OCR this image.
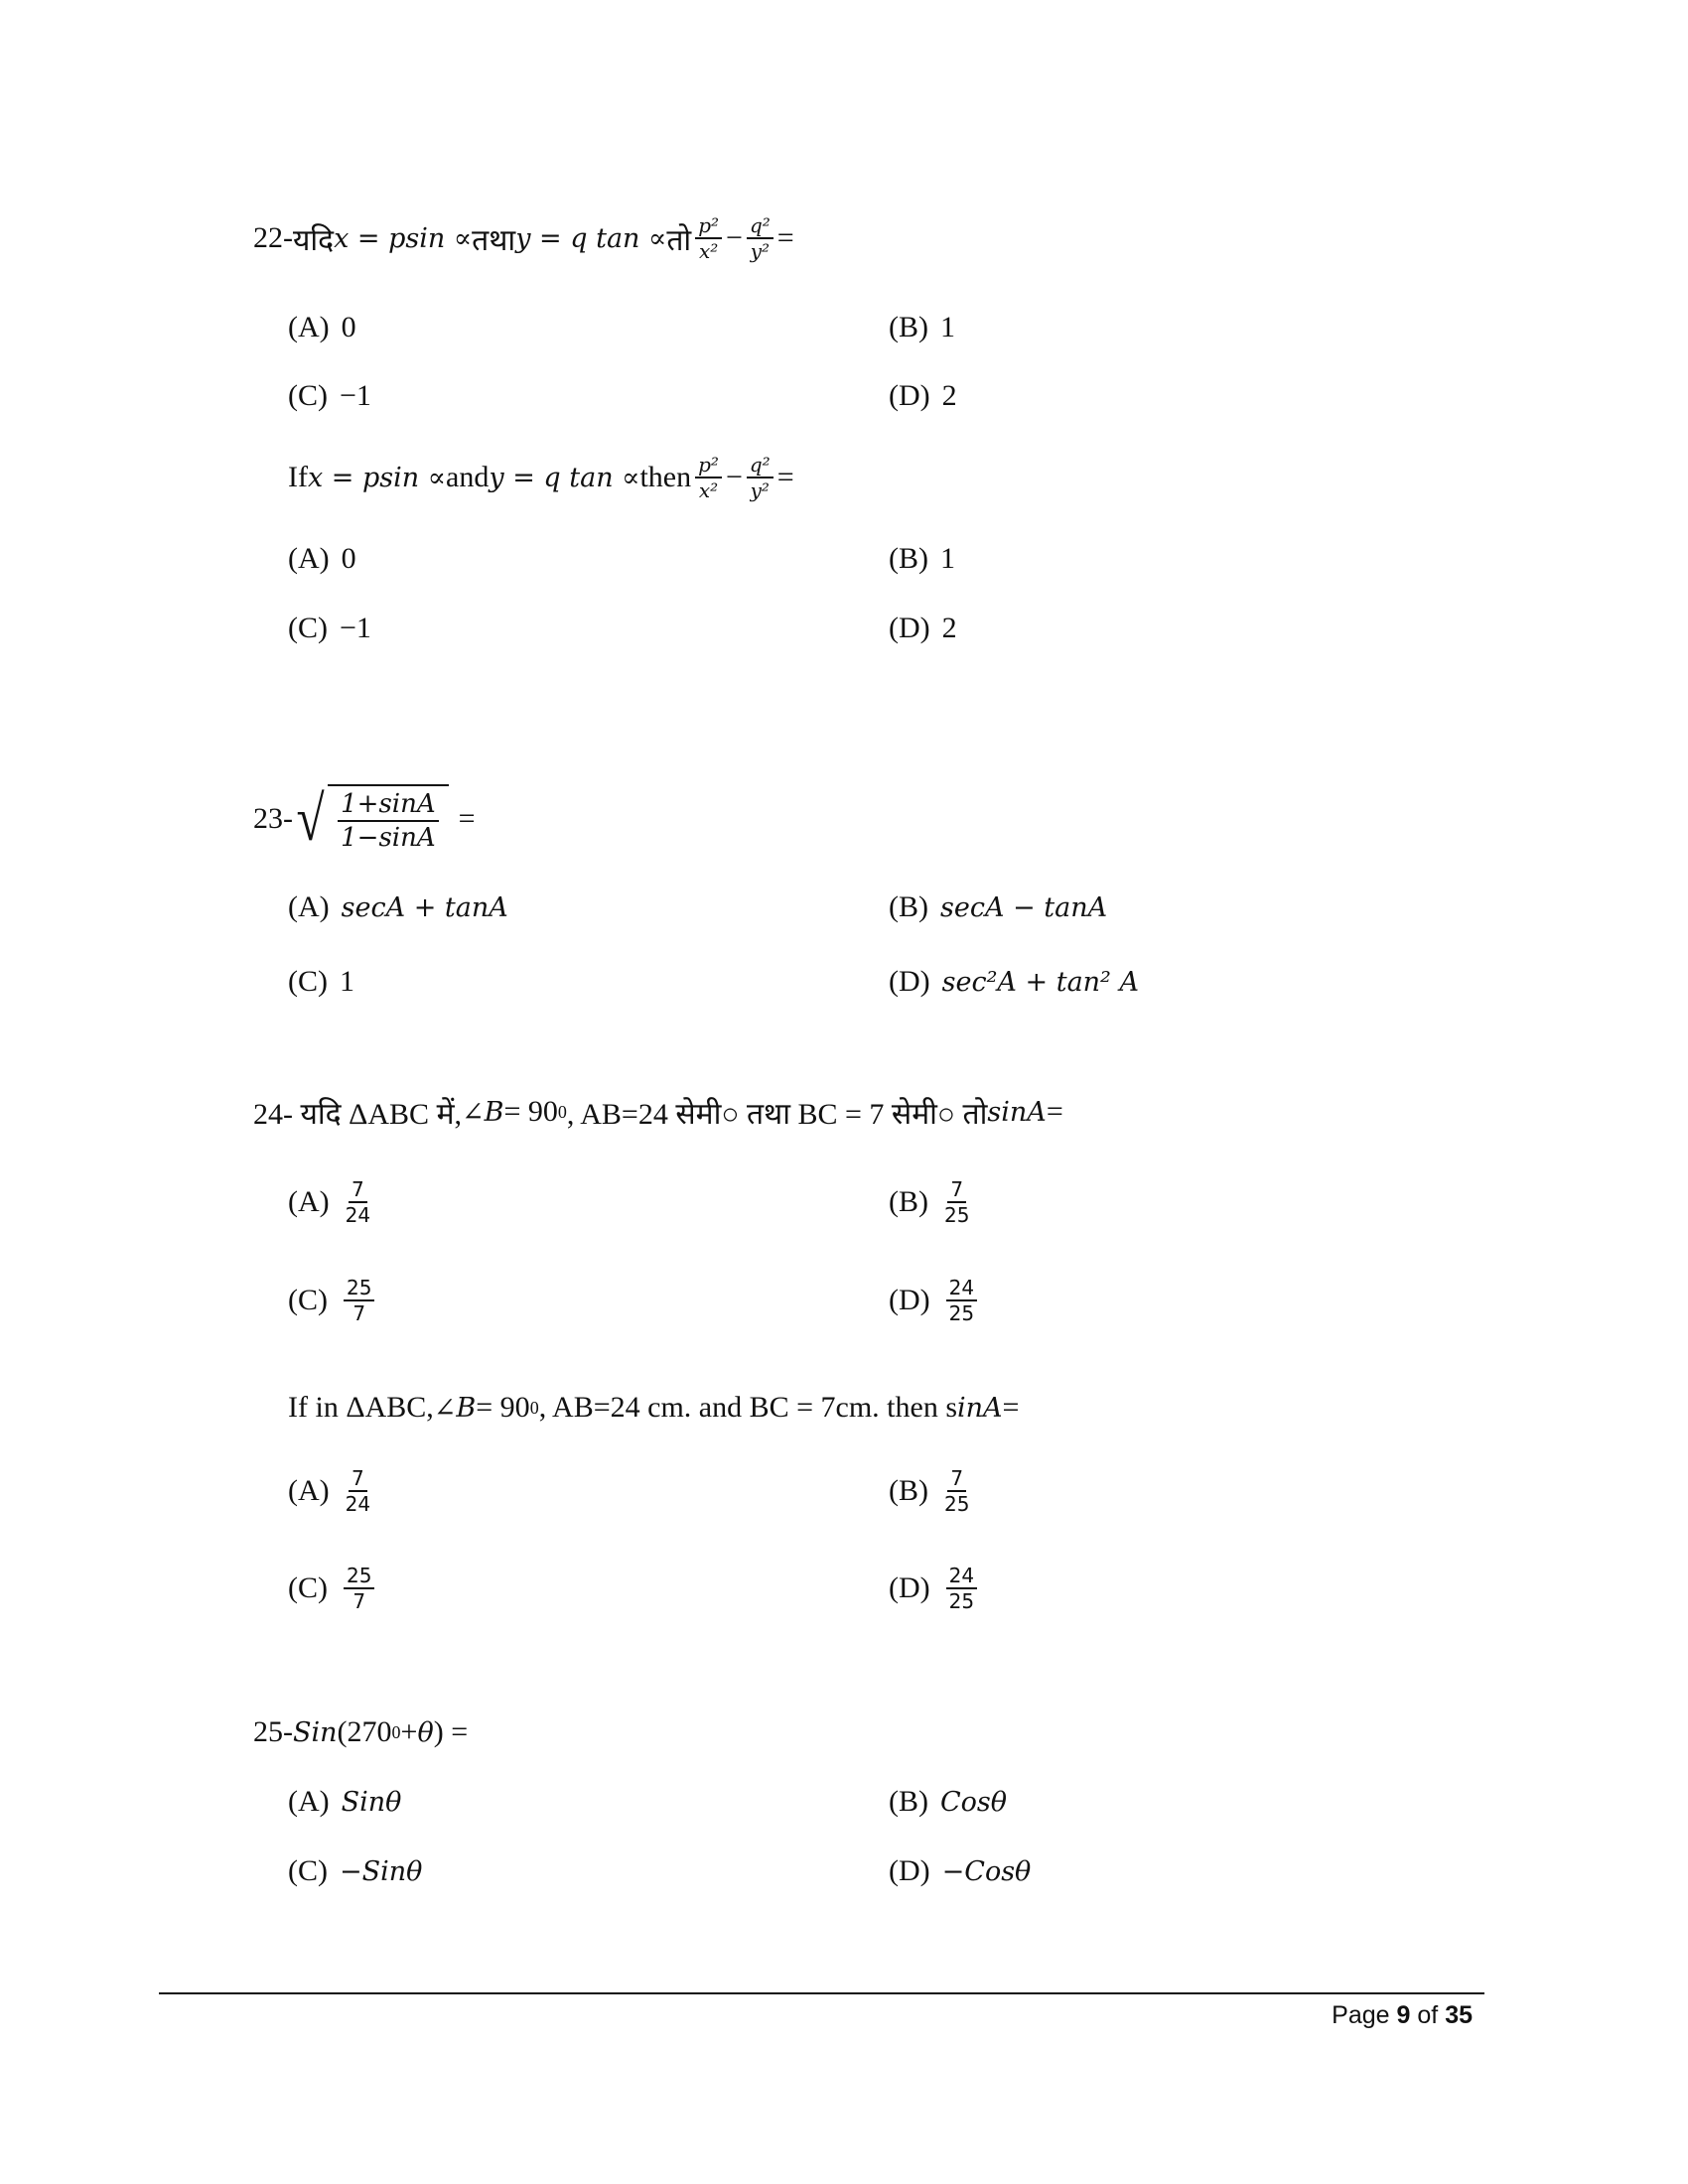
22- यदि x = psin ∝ तथा y = q tan ∝ तो $\frac{\text{p²}}{\text{x²}} - \frac{\text{q²}}{\text{y²}}$ =
(A) 0	(B) 1
(C) −1	(D) 2
If x = psin ∝ and y = q tan ∝ then $\frac{\text{p²}}{\text{x²}} - \frac{\text{q²}}{\text{y²}}$ =
(A) 0	(B) 1
(C) −1	(D) 2
23- √ $\frac{1+\sin A}{1-\sin A}$ =
(A) secA + tanA	(B) secA − tanA
(C) 1	(D) sec²A + tan² A
24- यदि ΔABC में, ∠B = 90 0 , AB=24 सेमी○ तथा BC = 7 सेमी○ तो sinA =
$(A) \frac{7}{24}$	$(B) \frac{7}{25}$
$(C) \frac{25}{7}$	$(D) \frac{24}{25}$
If in ΔABC, ∠B = 90 0 , AB=24 cm. and BC = 7cm. then s inA =
$(A) \frac{7}{24}$	$(B) \frac{7}{25}$
$(C) \frac{25}{7}$	$(D) \frac{24}{25}$
25- Sin (270 0 + θ ) =
(A) Sinθ	(B) Cosθ
(C) −Sinθ	(D) −Cosθ
Page 9 of 35
